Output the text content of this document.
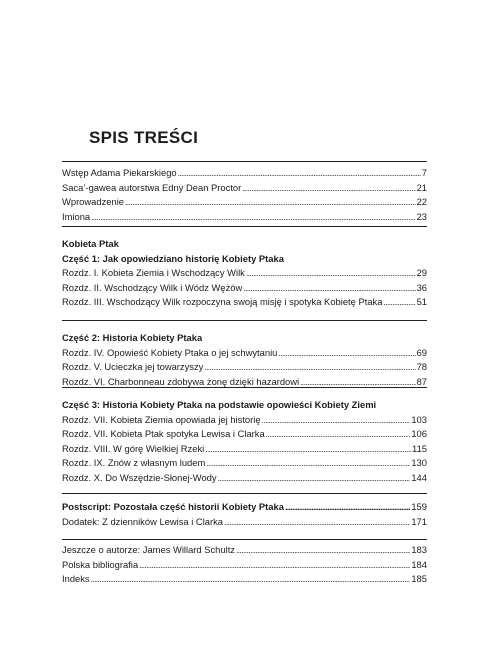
SPIS TREŚCI
Wstęp Adama Piekarskiego .....	7
Saca’-gawea autorstwa Edny Dean Proctor .....	21
Wprowadzenie .....	22
Imiona .....	23
Kobieta Ptak
Część 1: Jak opowiedziano historię Kobiety Ptaka
Rozdz. I. Kobieta Ziemia i Wschodzący Wilk .....	29
Rozdz. II. Wschodzący Wilk i Wódz Wężów .....	36
Rozdz. III. Wschodzący Wilk rozpoczyna swoją misję i spotyka Kobietę Ptaka .....	51
Część 2: Historia Kobiety Ptaka
Rozdz. IV. Opowieść Kobiety Ptaka o jej schwytaniu .....	69
Rozdz. V. Ucieczka jej towarzyszy .....	78
Rozdz. VI. Charbonneau zdobywa żonę dzięki hazardowi .....	87
Część 3: Historia Kobiety Ptaka na podstawie opowieści Kobiety Ziemi
Rozdz. VII. Kobieta Ziemia opowiada jej historię .....	103
Rozdz. VII. Kobieta Ptak spotyka Lewisa i Clarka .....	106
Rozdz. VIII. W górę Wielkiej Rzeki .....	115
Rozdz. IX. Znów z własnym ludem .....	130
Rozdz. X. Do Wszędzie-Słonej-Wody .....	144
Postscript: Pozostała część historii Kobiety Ptaka .....	159
Dodatek: Z dzienników Lewisa i Clarka .....	171
Jeszcze o autorze: James Willard Schultz .....	183
Polska bibliografia .....	184
Indeks .....	185
